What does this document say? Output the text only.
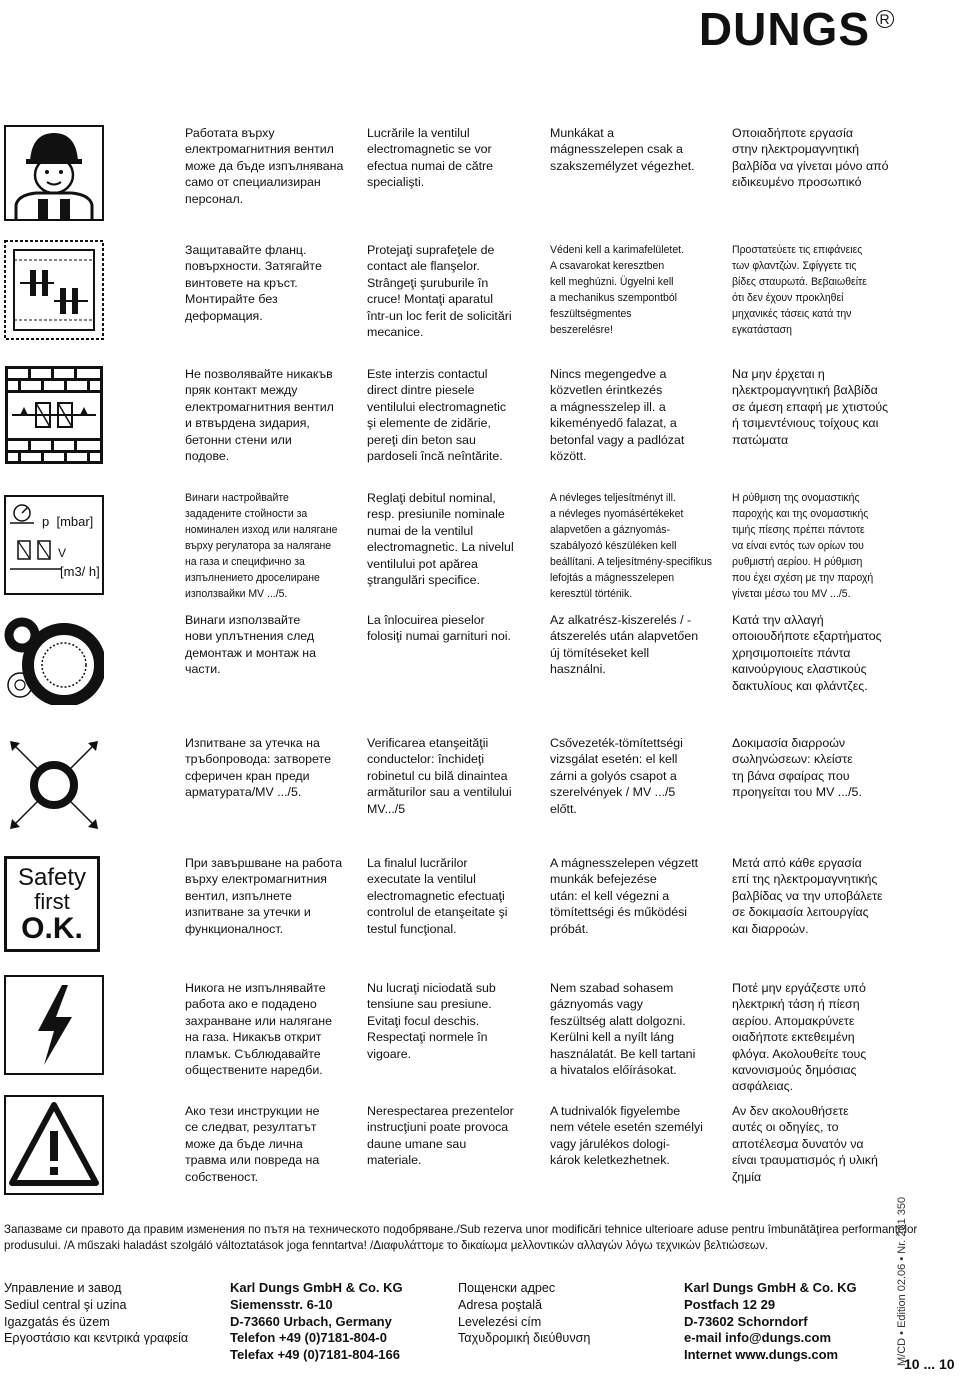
DUNGS $^R$
p  [mbar]
V
[m3/ h]
Safety
first
O.K.
Работата върху
електромагнитния вентил
може да бъде изпълнявана
само от специализиран
персонал.
Lucrările la ventilul
electromagnetic se vor
efectua numai de către
specialişti.
Munkákat a
mágnesszelepen csak a
szakszemélyzet végezhet.
Οποιαδήποτε εργασία
στην ηλεκτρομαγνητική
βαλβίδα να γίνεται μόνο από
ειδικευμένο προσωπικό
Защитавайте фланц.
повърхности. Затягайте
винтовете на кръст.
Монтирайте без
деформация.
Protejaţi suprafeţele de
contact ale flanşelor.
Strângeţi şuruburile în
cruce! Montaţi aparatul
într-un loc ferit de solicitări
mecanice.
Védeni kell a karimafelületet.
A csavarokat keresztben
kell meghúzni. Ügyelni kell
a mechanikus szempontból
feszültségmentes
beszerelésre!
Προστατεύετε τις επιφάνειες
των φλαντζών. Σφίγγετε τις
βίδες σταυρωτά. Βεβαιωθείτε
ότι δεν έχουν προκληθεί
μηχανικές τάσεις κατά την
εγκατάσταση
Не позволявайте никакъв
пряк контакт между
електромагнитния вентил
и втвърдена зидария,
бетонни стени или
подове.
Este interzis contactul
direct dintre piesele
ventilului electromagnetic
şi elemente de zidărie,
pereţi din beton sau
pardoseli încă neîntărite.
Nincs megengedve a
közvetlen érintkezés
a mágnesszelep ill. a
kikeményedő falazat, a
betonfal vagy a padlózat
között.
Να μην έρχεται η
ηλεκτρομαγνητική βαλβίδα
σε άμεση επαφή με χτιστούς
ή τσιμεντένιους τοίχους και
πατώματα
Винаги настройвайте
зададените стойности за
номинален изход или налягане
върху регулатора за налягане
на газа и специфично за
изпълнението дроселиране
използвайки MV .../5.
Reglaţi debitul nominal,
resp. presiunile nominale
numai de la ventilul
electromagnetic. La nivelul
ventilului pot apărea
ştrangulări specifice.
A névleges teljesítményt ill.
a névleges nyomásértékeket
alapvetően a gáznyomás-
szabályozó készüléken kell
beállítani. A teljesítmény-specifikus
lefojtás a mágnesszelepen
keresztül történik.
Η ρύθμιση της ονομαστικής
παροχής και της ονομαστικής
τιμής πίεσης πρέπει πάντοτε
να είναι εντός των ορίων του
ρυθμιστή αερίου. Η ρύθμιση
που έχει σχέση με την παροχή
γίνεται μέσω του MV .../5.
Винаги използвайте
нови уплътнения след
демонтаж и монтаж на
части.
La înlocuirea pieselor
folosiţi numai garnituri noi.
Az alkatrész-kiszerelés / -
átszerelés után alapvetően
új tömítéseket kell
használni.
Κατά την αλλαγή
οποιουδήποτε εξαρτήματος
χρησιμοποιείτε πάντα
καινούργιους ελαστικούς
δακτυλίους και φλάντζες.
Изпитване за утечка на
тръбопровода: затворете
сферичен кран преди
арматурата/MV .../5.
Verificarea etanşeităţii
conductelor: închideţi
robinetul cu bilă dinaintea
armăturilor sau a ventilului
MV.../5
Csővezeték-tömítettségi
vizsgálat esetén: el kell
zárni a golyós csapot a
szerelvények / MV .../5
előtt.
Δοκιμασία διαρροών
σωληνώσεων: κλείστε
τη βάνα σφαίρας που
προηγείται του MV .../5.
При завършване на работа
върху електромагнитния
вентил, изпълнете
изпитване за утечки и
функционалност.
La finalul lucrărilor
executate la ventilul
electromagnetic efectuaţi
controlul de etanşeitate şi
testul funcţional.
A mágnesszelepen végzett
munkák befejezése
után: el kell végezni a
tömítettségi és működési
próbát.
Μετά από κάθε εργασία
επί της ηλεκτρομαγνητικής
βαλβίδας να την υποβάλετε
σε δοκιμασία λειτουργίας
και διαρροών.
Никога не изпълнявайте
работа ако е подадено
захранване или налягане
на газа. Никакъв открит
пламък. Съблюдавайте
обществените наредби.
Nu lucraţi niciodată sub
tensiune sau presiune.
Evitaţi focul deschis.
Respectaţi normele în
vigoare.
Nem szabad sohasem
gáznyomás vagy
feszültség alatt dolgozni.
Kerülni kell a nyílt láng
használatát. Be kell tartani
a hivatalos előírásokat.
Ποτέ μην εργάζεστε υπό
ηλεκτρική τάση ή πίεση
αερίου. Απομακρύνετε
οιαδήποτε εκτεθειμένη
φλόγα. Ακολουθείτε τους
κανονισμούς δημόσιας
ασφάλειας.
Ако тези инструкции не
се следват, резултатът
може да бъде лична
травма или повреда на
собственост.
Nerespectarea prezentelor
instrucţiuni poate provoca
daune umane sau
materiale.
A tudnivalók figyelembe
nem vétele esetén személyi
vagy járulékos dologi-
károk keletkezhetnek.
Αν δεν ακολουθήσετε
αυτές οι οδηγίες, το
αποτέλεσμα δυνατόν να
είναι τραυματισμός ή υλική
ζημία
Запазваме си правото да правим изменения по пътя на техническото подобряване./Sub rezerva unor modificări tehnice ulterioare aduse pentru îmbunătăţirea performanţelor produsului. /A műszaki haladást szolgáló változtatások joga fenntartva! /Διαφυλάττομε το δικαίωμα μελλοντικών αλλαγών λόγω τεχνικών βελτιώσεων.
Управление и завод
Sediul central şi uzina
Igazgatás és üzem
Εργοστάσιο και κεντρικά γραφεία
Karl Dungs GmbH & Co. KG
Siemensstr. 6-10
D-73660 Urbach, Germany
Telefon +49 (0)7181-804-0
Telefax +49 (0)7181-804-166
Пощенски адрес
Adresa poştală
Levelezési cím
Ταχυδρομική διεύθυνση
Karl Dungs GmbH & Co. KG
Postfach 12 29
D-73602 Schorndorf
e-mail info@dungs.com
Internet www.dungs.com	M/CD • Edition 02.06 • Nr. 231 350
10 ... 10
